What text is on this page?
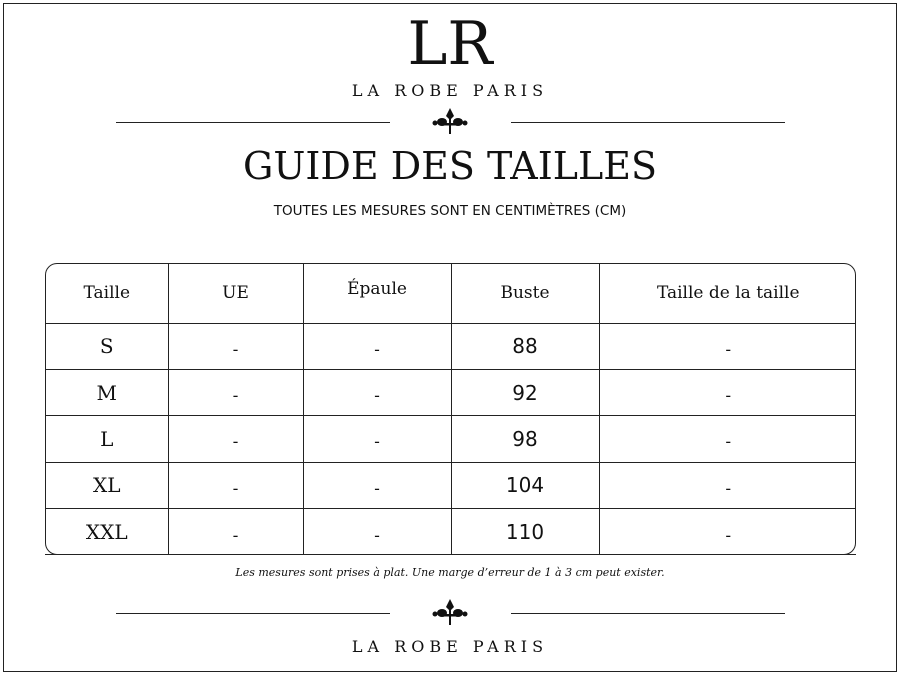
LR
LA ROBE PARIS
GUIDE DES TAILLES
TOUTES LES MESURES SONT EN CENTIMÈTRES (CM)
Taille	UE	Épaule	Buste	Taille de la taille
S	-	-	88	-
M	-	-	92	-
L	-	-	98	-
XL	-	-	104	-
XXL	-	-	110	-
Les mesures sont prises à plat. Une marge d’erreur de 1 à 3 cm peut exister.
LA ROBE PARIS
